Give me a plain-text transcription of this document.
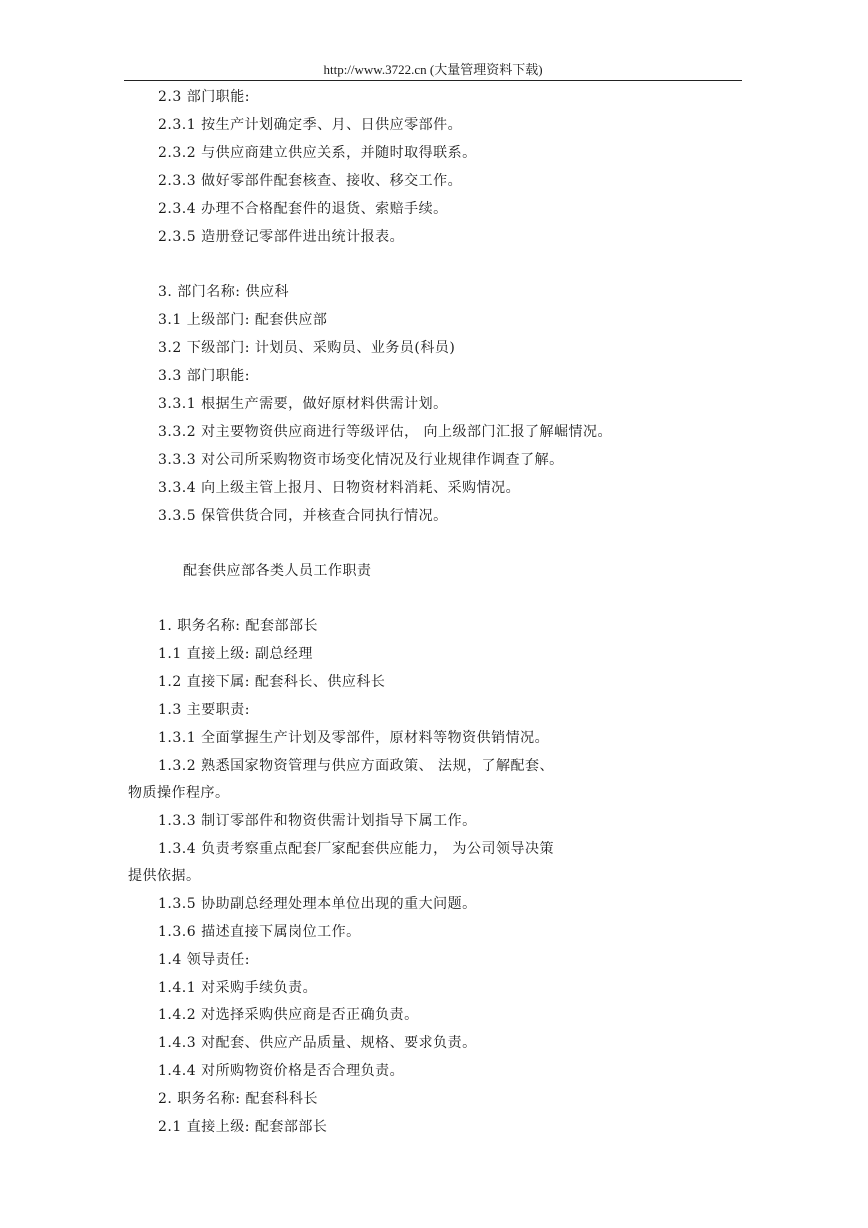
http://www.3722.cn (大量管理资料下载)
2.3 部门职能:
2.3.1 按生产计划确定季、月、日供应零部件。
2.3.2 与供应商建立供应关系，并随时取得联系。
2.3.3 做好零部件配套核查、接收、移交工作。
2.3.4 办理不合格配套件的退货、索赔手续。
2.3.5 造册登记零部件进出统计报表。
3. 部门名称: 供应科
3.1 上级部门: 配套供应部
3.2 下级部门: 计划员、采购员、业务员(科员)
3.3 部门职能:
3.3.1 根据生产需要，做好原材料供需计划。
3.3.2 对主要物资供应商进行等级评估， 向上级部门汇报了解崛情况。
3.3.3 对公司所采购物资市场变化情况及行业规律作调查了解。
3.3.4 向上级主管上报月、日物资材料消耗、采购情况。
3.3.5 保管供货合同，并核查合同执行情况。
配套供应部各类人员工作职责
1. 职务名称: 配套部部长
1.1 直接上级: 副总经理
1.2 直接下属: 配套科长、供应科长
1.3 主要职责:
1.3.1 全面掌握生产计划及零部件，原材料等物资供销情况。
1.3.2 熟悉国家物资管理与供应方面政策、 法规，了解配套、
物质操作程序。
1.3.3 制订零部件和物资供需计划指导下属工作。
1.3.4 负责考察重点配套厂家配套供应能力， 为公司领导决策
提供依据。
1.3.5 协助副总经理处理本单位出现的重大问题。
1.3.6 描述直接下属岗位工作。
1.4 领导责任:
1.4.1 对采购手续负责。
1.4.2 对选择采购供应商是否正确负责。
1.4.3 对配套、供应产品质量、规格、要求负责。
1.4.4 对所购物资价格是否合理负责。
2. 职务名称: 配套科科长
2.1 直接上级: 配套部部长
